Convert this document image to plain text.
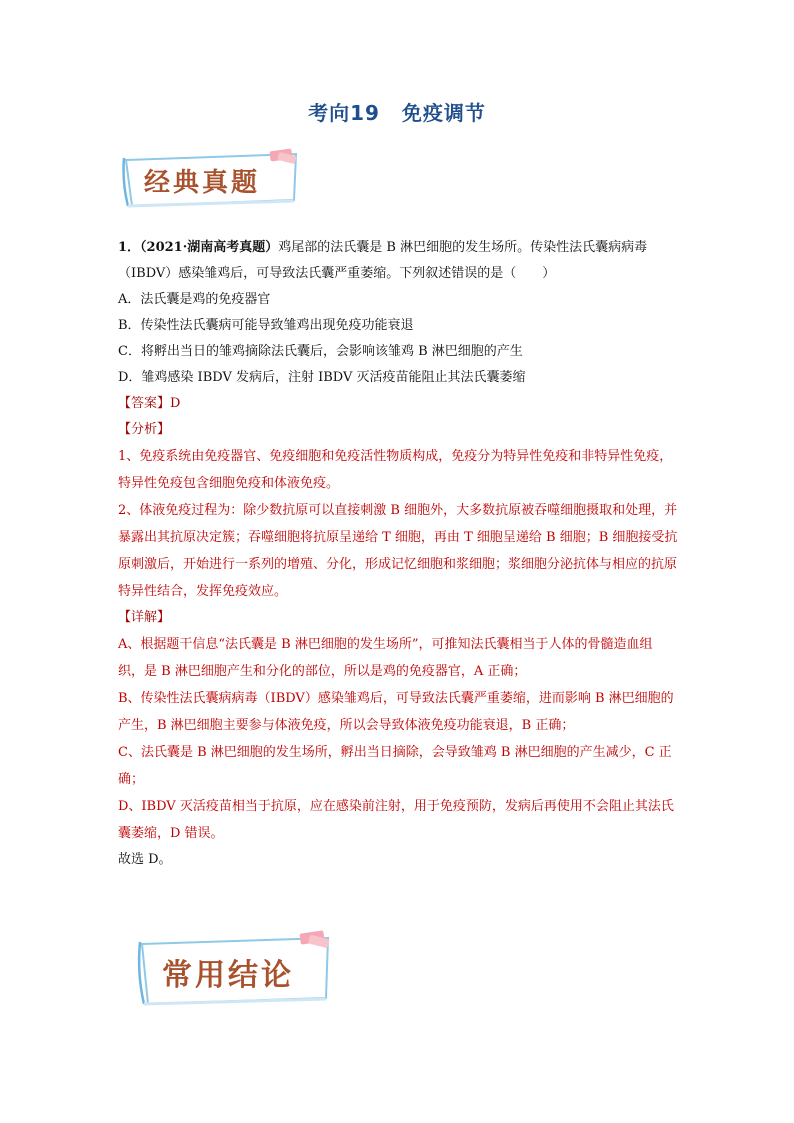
考向19 免疫调节
经典真题
1．（2021·湖南高考真题）鸡尾部的法氏囊是 B 淋巴细胞的发生场所。传染性法氏囊病病毒
（IBDV）感染雏鸡后，可导致法氏囊严重萎缩。下列叙述错误的是（　　）
A．法氏囊是鸡的免疫器官
B．传染性法氏囊病可能导致雏鸡出现免疫功能衰退
C．将孵出当日的雏鸡摘除法氏囊后，会影响该雏鸡 B 淋巴细胞的产生
D．雏鸡感染 IBDV 发病后，注射 IBDV 灭活疫苗能阻止其法氏囊萎缩
【答案】D
【分析】
1、免疫系统由免疫器官、免疫细胞和免疫活性物质构成，免疫分为特异性免疫和非特异性免疫，特异性免疫包含细胞免疫和体液免疫。
2、体液免疫过程为：除少数抗原可以直接刺激 B 细胞外，大多数抗原被吞噬细胞摄取和处理，并暴露出其抗原决定簇；吞噬细胞将抗原呈递给 T 细胞，再由 T 细胞呈递给 B 细胞；B 细胞接受抗原刺激后，开始进行一系列的增殖、分化，形成记忆细胞和浆细胞；浆细胞分泌抗体与相应的抗原特异性结合，发挥免疫效应。
【详解】
A、根据题干信息“法氏囊是 B 淋巴细胞的发生场所”，可推知法氏囊相当于人体的骨髓造血组织，是 B 淋巴细胞产生和分化的部位，所以是鸡的免疫器官，A 正确；
B、传染性法氏囊病病毒（IBDV）感染雏鸡后，可导致法氏囊严重萎缩，进而影响 B 淋巴细胞的产生，B 淋巴细胞主要参与体液免疫，所以会导致体液免疫功能衰退，B 正确；
C、法氏囊是 B 淋巴细胞的发生场所，孵出当日摘除，会导致雏鸡 B 淋巴细胞的产生减少，C 正确；
D、IBDV 灭活疫苗相当于抗原，应在感染前注射，用于免疫预防，发病后再使用不会阻止其法氏囊萎缩，D 错误。
故选 D。
常用结论
